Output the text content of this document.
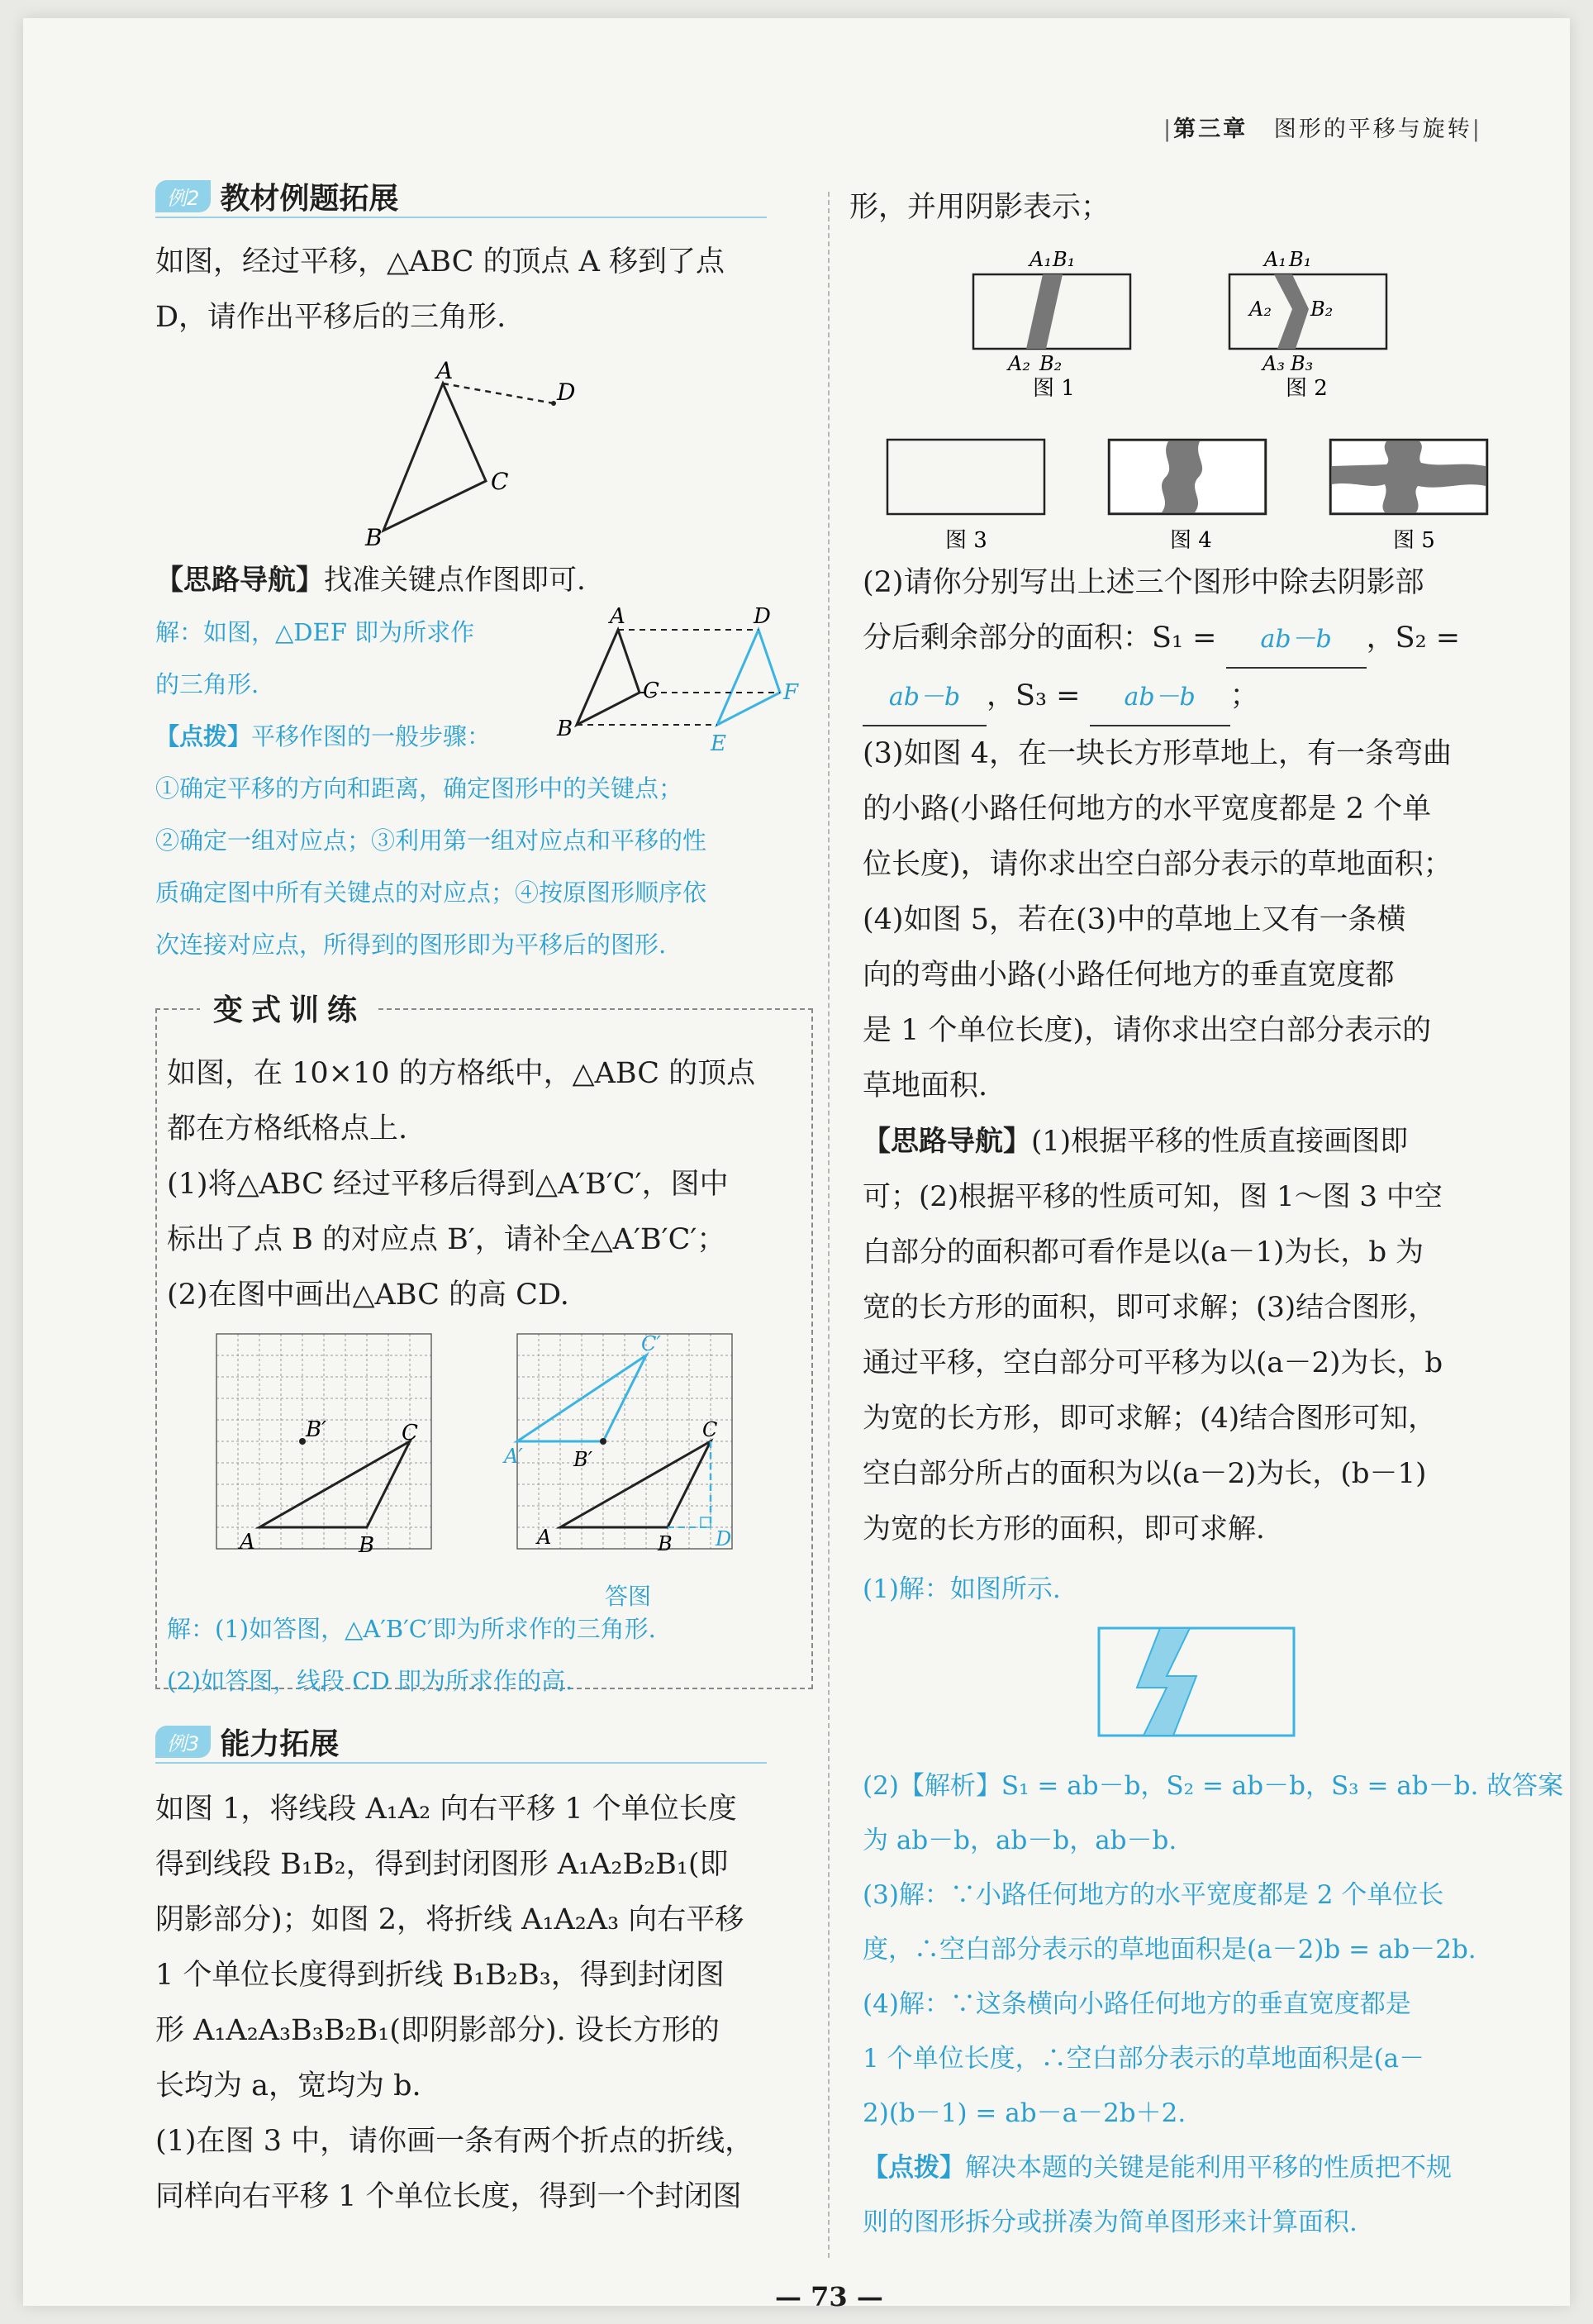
|第三章 图形的平移与旋转|
例2 教材例题拓展
如图，经过平移，△ABC 的顶点 A 移到了点
D，请作出平移后的三角形.
A
D
C
B
【思路导航】找准关键点作图即可.
解：如图，△DEF 即为所求作
的三角形.
A
C
B
D
F
E
【点拨】平移作图的一般步骤：
①确定平移的方向和距离，确定图形中的关键点；
②确定一组对应点；③利用第一组对应点和平移的性
质确定图中所有关键点的对应点；④按原图形顺序依
次连接对应点，所得到的图形即为平移后的图形.
变式训练
如图，在 10×10 的方格纸中，△ABC 的顶点
都在方格纸格点上.
(1)将△ABC 经过平移后得到△A′B′C′，图中
标出了点 B 的对应点 B′，请补全△A′B′C′；
(2)在图中画出△ABC 的高 CD.
A	B
C
B′
A′
C′
B′
A	B
C
D
答图
解：(1)如答图，△A′B′C′即为所求作的三角形.
(2)如答图，线段 CD 即为所求作的高.
例3 能力拓展
如图 1，将线段 A₁A₂ 向右平移 1 个单位长度
得到线段 B₁B₂，得到封闭图形 A₁A₂B₂B₁(即
阴影部分)；如图 2，将折线 A₁A₂A₃ 向右平移
1 个单位长度得到折线 B₁B₂B₃，得到封闭图
形 A₁A₂A₃B₃B₂B₁(即阴影部分). 设长方形的
长均为 a，宽均为 b.
(1)在图 3 中，请你画一条有两个折点的折线，
同样向右平移 1 个单位长度，得到一个封闭图
形，并用阴影表示；
A₁ B₁
A₂ B₂
图 1
A₁ B₁
A₂ B₂
A₃ B₃
图 2
图 3	图 4	图 5
(2)请你分别写出上述三个图形中除去阴影部
分后剩余部分的面积：S₁ = ab－b ，S₂ =
ab－b ，S₃ = ab－b ；
(3)如图 4，在一块长方形草地上，有一条弯曲
的小路(小路任何地方的水平宽度都是 2 个单
位长度)，请你求出空白部分表示的草地面积；
(4)如图 5，若在(3)中的草地上又有一条横
向的弯曲小路(小路任何地方的垂直宽度都
是 1 个单位长度)，请你求出空白部分表示的
草地面积.
【思路导航】(1)根据平移的性质直接画图即
可；(2)根据平移的性质可知，图 1～图 3 中空
白部分的面积都可看作是以(a－1)为长，b 为
宽的长方形的面积，即可求解；(3)结合图形，
通过平移，空白部分可平移为以(a－2)为长，b
为宽的长方形，即可求解；(4)结合图形可知，
空白部分所占的面积为以(a－2)为长，(b－1)
为宽的长方形的面积，即可求解.
(1)解：如图所示.
(2)【解析】S₁ = ab－b，S₂ = ab－b，S₃ = ab－b. 故答案
为 ab－b，ab－b，ab－b.
(3)解：∵小路任何地方的水平宽度都是 2 个单位长
度，∴空白部分表示的草地面积是(a－2)b = ab－2b.
(4)解：∵这条横向小路任何地方的垂直宽度都是
1 个单位长度，∴空白部分表示的草地面积是(a－
2)(b－1) = ab－a－2b＋2.
【点拨】解决本题的关键是能利用平移的性质把不规
则的图形拆分或拼凑为简单图形来计算面积.
— 73 —
